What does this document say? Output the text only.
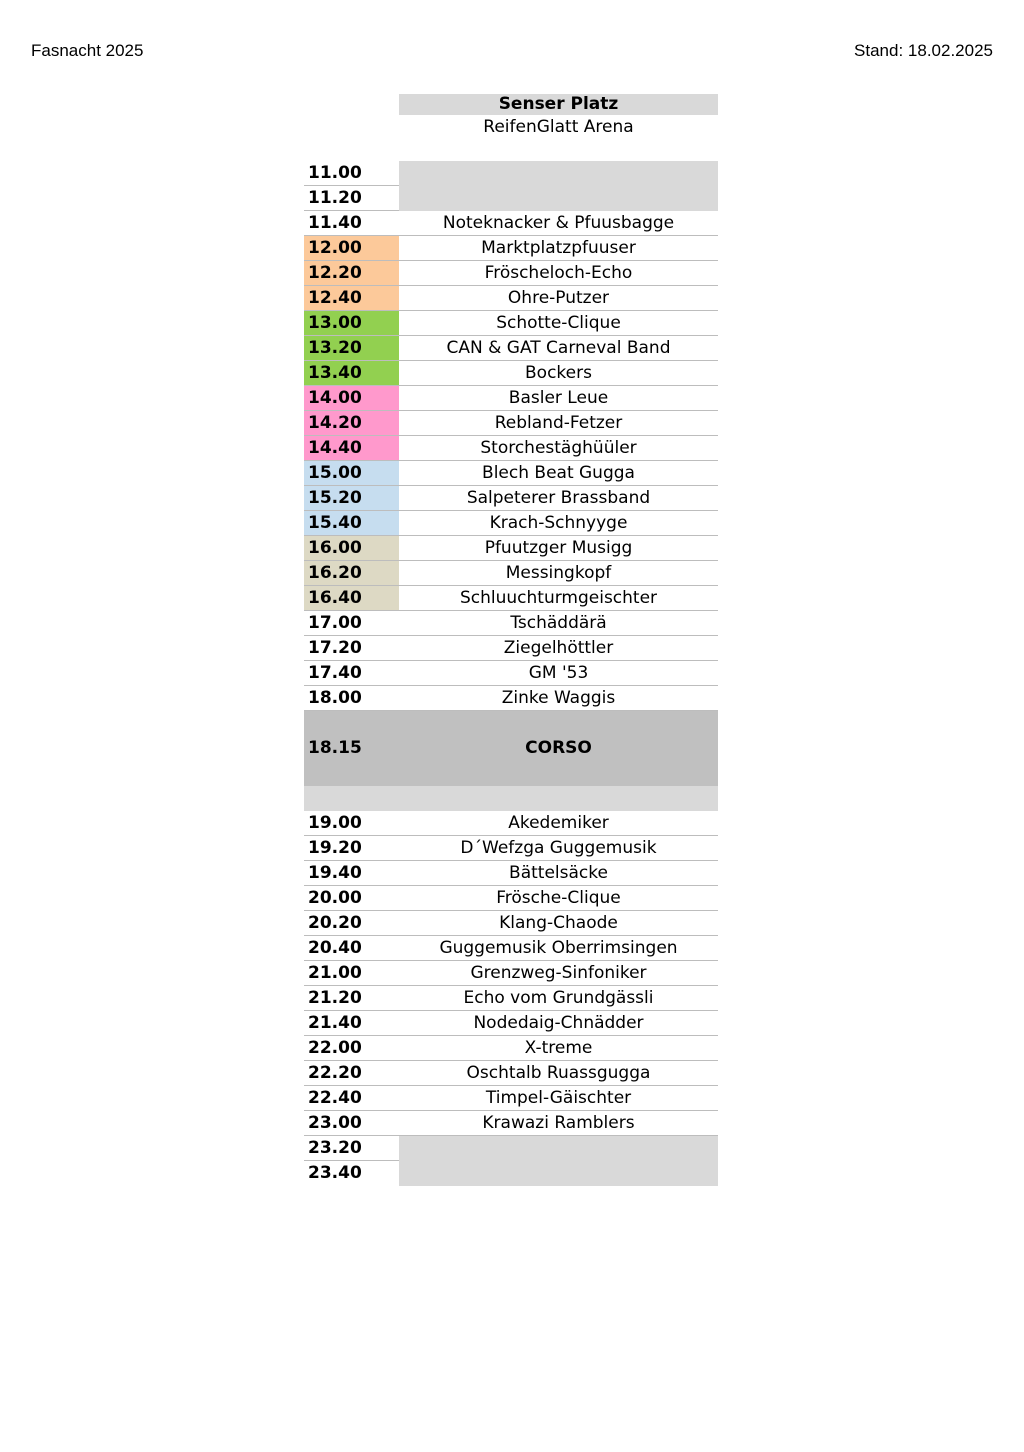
Fasnacht 2025	Stand: 18.02.2025
Senser Platz
ReifenGlatt Arena
11.00
11.20
11.40	Noteknacker & Pfuusbagge
12.00	Marktplatzpfuuser
12.20	Fröscheloch-Echo
12.40	Ohre-Putzer
13.00	Schotte-Clique
13.20	CAN & GAT Carneval Band
13.40	Bockers
14.00	Basler Leue
14.20	Rebland-Fetzer
14.40	Storchestäghüüler
15.00	Blech Beat Gugga
15.20	Salpeterer Brassband
15.40	Krach-Schnyyge
16.00	Pfuutzger Musigg
16.20	Messingkopf
16.40	Schluuchturmgeischter
17.00	Tschäddärä
17.20	Ziegelhöttler
17.40	GM '53
18.00	Zinke Waggis
18.15	CORSO
19.00	Akedemiker
19.20	D´Wefzga Guggemusik
19.40	Bättelsäcke
20.00	Frösche-Clique
20.20	Klang-Chaode
20.40	Guggemusik Oberrimsingen
21.00	Grenzweg-Sinfoniker
21.20	Echo vom Grundgässli
21.40	Nodedaig-Chnädder
22.00	X-treme
22.20	Oschtalb Ruassgugga
22.40	Timpel-Gäischter
23.00	Krawazi Ramblers
23.20
23.40
